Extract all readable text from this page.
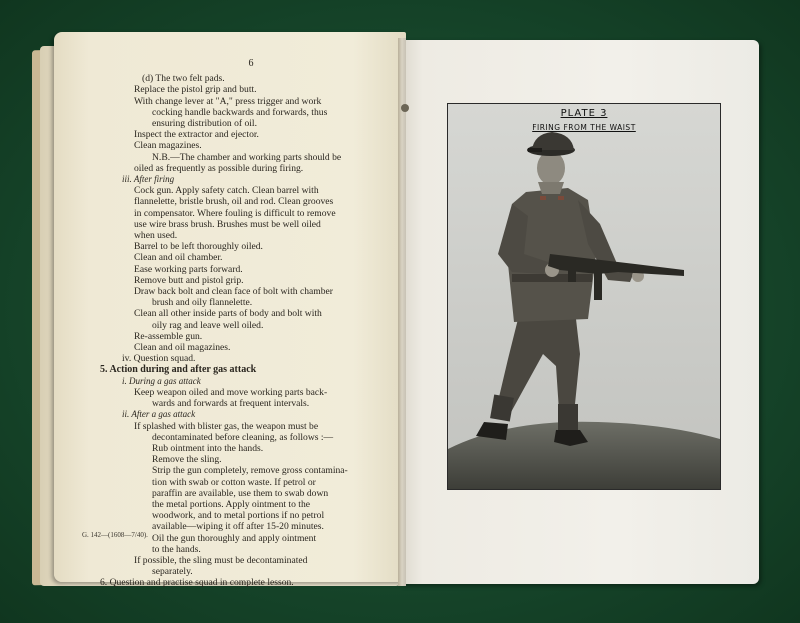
6
(d) The two felt pads.
Replace the pistol grip and butt.
With change lever at "A," press trigger and work
cocking handle backwards and forwards, thus
ensuring distribution of oil.
Inspect the extractor and ejector.
Clean magazines.
N.B.—The chamber and working parts should be
oiled as frequently as possible during firing.
iii. After firing
Cock gun. Apply safety catch. Clean barrel with
flannelette, bristle brush, oil and rod. Clean grooves
in compensator. Where fouling is difficult to remove
use wire brass brush. Brushes must be well oiled
when used.
Barrel to be left thoroughly oiled.
Clean and oil chamber.
Ease working parts forward.
Remove butt and pistol grip.
Draw back bolt and clean face of bolt with chamber
brush and oily flannelette.
Clean all other inside parts of body and bolt with
oily rag and leave well oiled.
Re-assemble gun.
Clean and oil magazines.
iv. Question squad.
5. Action during and after gas attack
i. During a gas attack
Keep weapon oiled and move working parts back-
wards and forwards at frequent intervals.
ii. After a gas attack
If splashed with blister gas, the weapon must be
decontaminated before cleaning, as follows :—
Rub ointment into the hands.
Remove the sling.
Strip the gun completely, remove gross contamina-
tion with swab or cotton waste. If petrol or
paraffin are available, use them to swab down
the metal portions. Apply ointment to the
woodwork, and to metal portions if no petrol
available—wiping it off after 15-20 minutes.
Oil the gun thoroughly and apply ointment
to the hands.
If possible, the sling must be decontaminated
separately.
6. Question and practise squad in complete lesson.
G. 142—(1608—7/40).
PLATE 3
FIRING FROM THE WAIST
